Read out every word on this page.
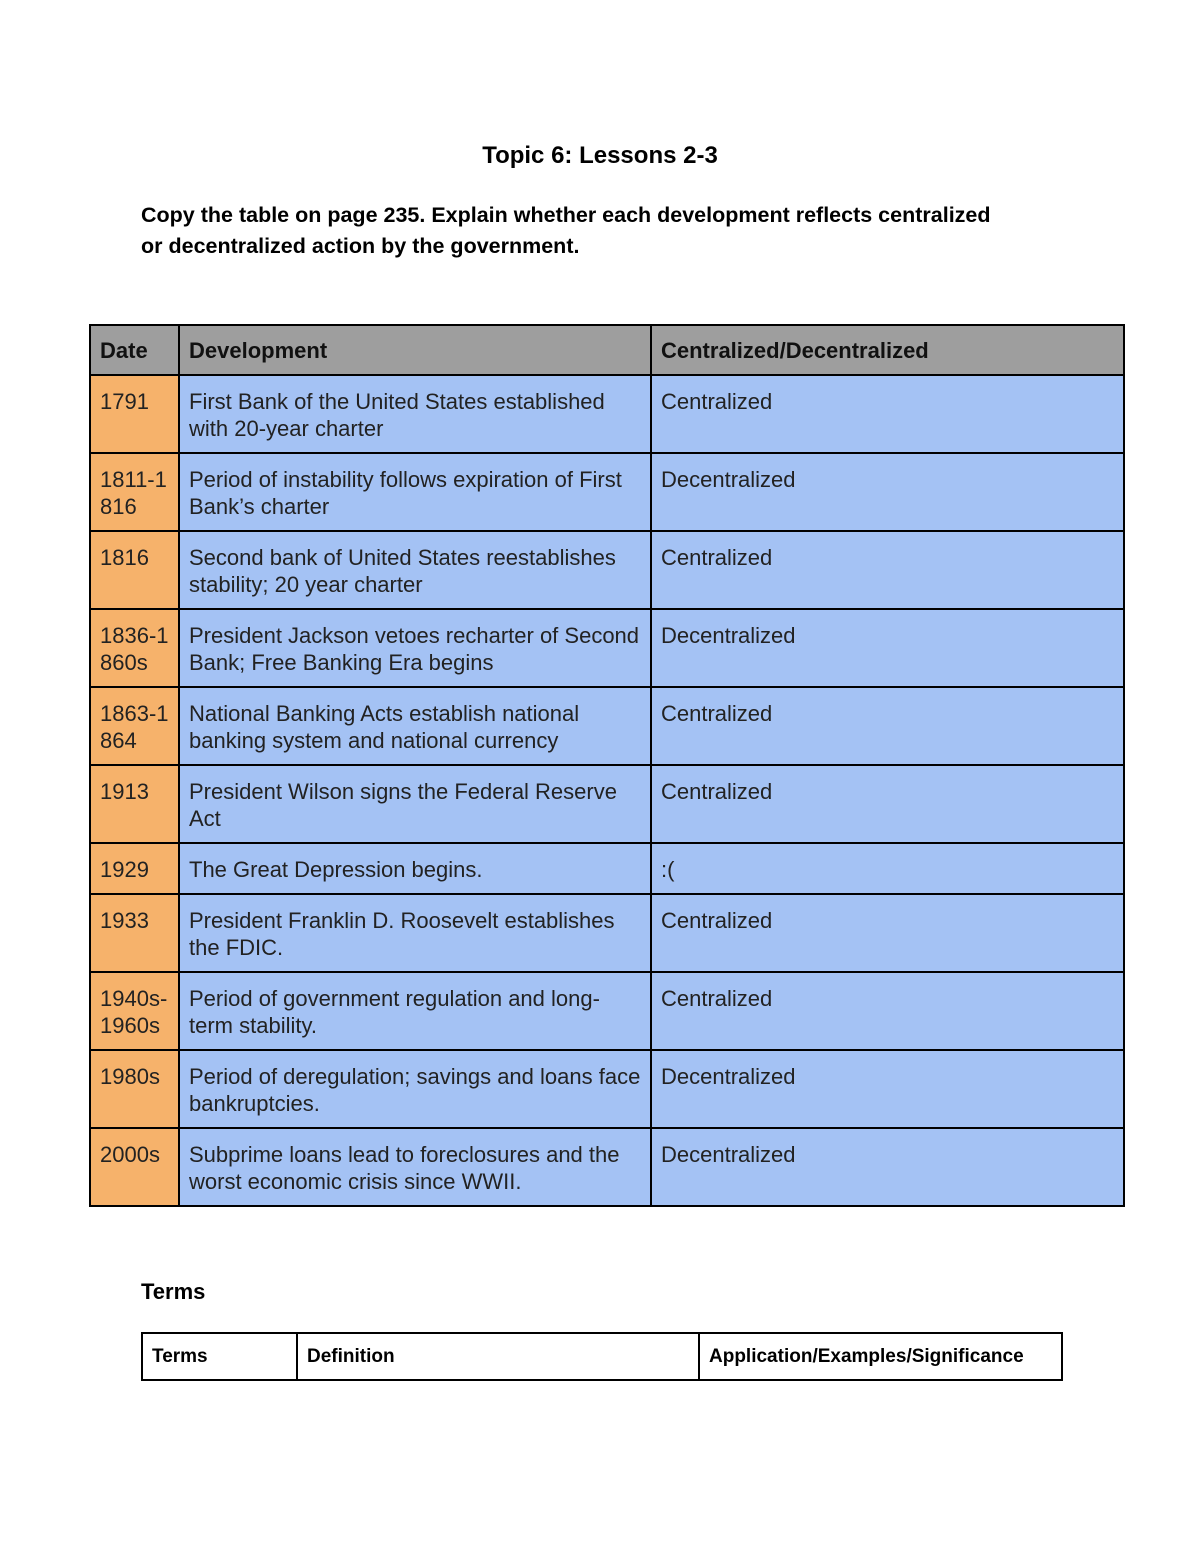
Topic 6: Lessons 2-3
Copy the table on page 235. Explain whether each development reflects centralized or decentralized action by the government.
Date	Development	Centralized/Decentralized
1791	First Bank of the United States established with 20-year charter	Centralized
1811-1816	Period of instability follows expiration of First Bank’s charter	Decentralized
1816	Second bank of United States reestablishes stability; 20 year charter	Centralized
1836-1860s	President Jackson vetoes recharter of Second Bank; Free Banking Era begins	Decentralized
1863-1864	National Banking Acts establish national banking system and national currency	Centralized
1913	President Wilson signs the Federal Reserve Act	Centralized
1929	The Great Depression begins.	:(
1933	President Franklin D. Roosevelt establishes the FDIC.	Centralized
1940s-1960s	Period of government regulation and long-term stability.	Centralized
1980s	Period of deregulation; savings and loans face bankruptcies.	Decentralized
2000s	Subprime loans lead to foreclosures and the worst economic crisis since WWII.	Decentralized
Terms
Terms	Definition	Application/Examples/Significance
